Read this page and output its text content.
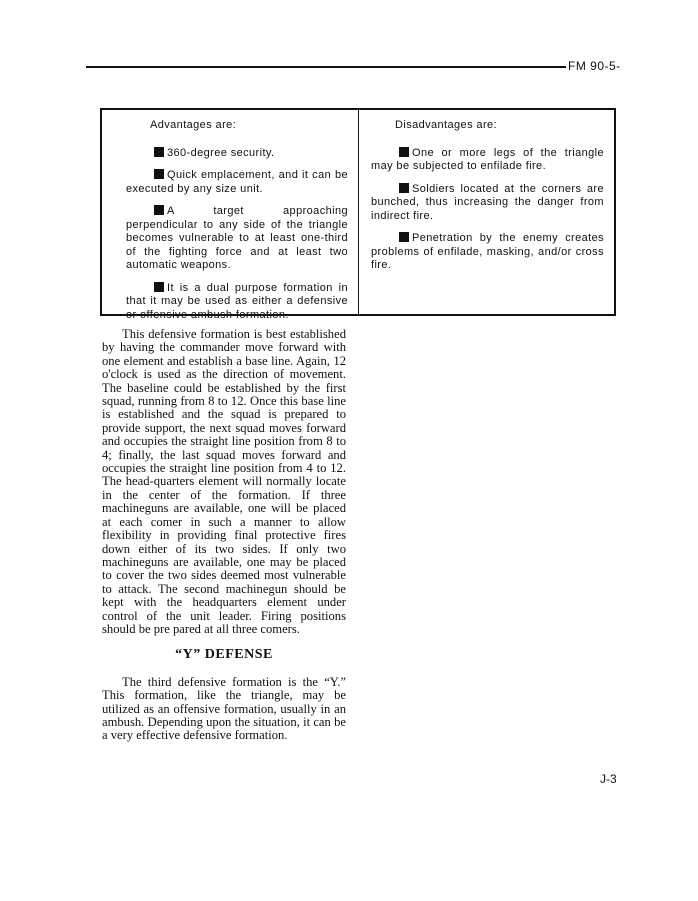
FM 90-5-
Advantages are:
360-degree security.
Quick emplacement, and it can be executed by any size unit.
A target approaching perpendicular to any side of the triangle becomes vulnerable to at least one-third of the fighting force and at least two automatic weapons.
It is a dual purpose formation in that it may be used as either a defensive or offensive ambush formation.
Disadvantages are:
One or more legs of the triangle may be subjected to enfilade fire.
Soldiers located at the corners are bunched, thus increasing the danger from indirect fire.
Penetration by the enemy creates problems of enfilade, masking, and/or cross fire.

This defensive formation is best established by having the commander move forward with one element and establish a base line. Again, 12 o'clock is used as the direction of movement. The baseline could be established by the first squad, running from 8 to 12. Once this base line is established and the squad is prepared to provide support, the next squad moves forward and occupies the straight line position from 8 to 4; finally, the last squad moves forward and occupies the straight line position from 4 to 12. The head-quarters element will normally locate in the center of the formation. If three machineguns are available, one will be placed at each comer in such a manner to allow flexibility in providing final protective fires down either of its two sides. If only two machineguns are available, one may be placed to cover the two sides deemed most vulnerable to attack. The second machinegun should be kept with the headquarters element under control of the unit leader. Firing positions should be pre pared at all three comers.

“Y” DEFENSE

The third defensive formation is the “Y.” This formation, like the triangle, may be utilized as an offensive formation, usually in an ambush. Depending upon the situation, it can be a very effective defensive formation.

J-3
